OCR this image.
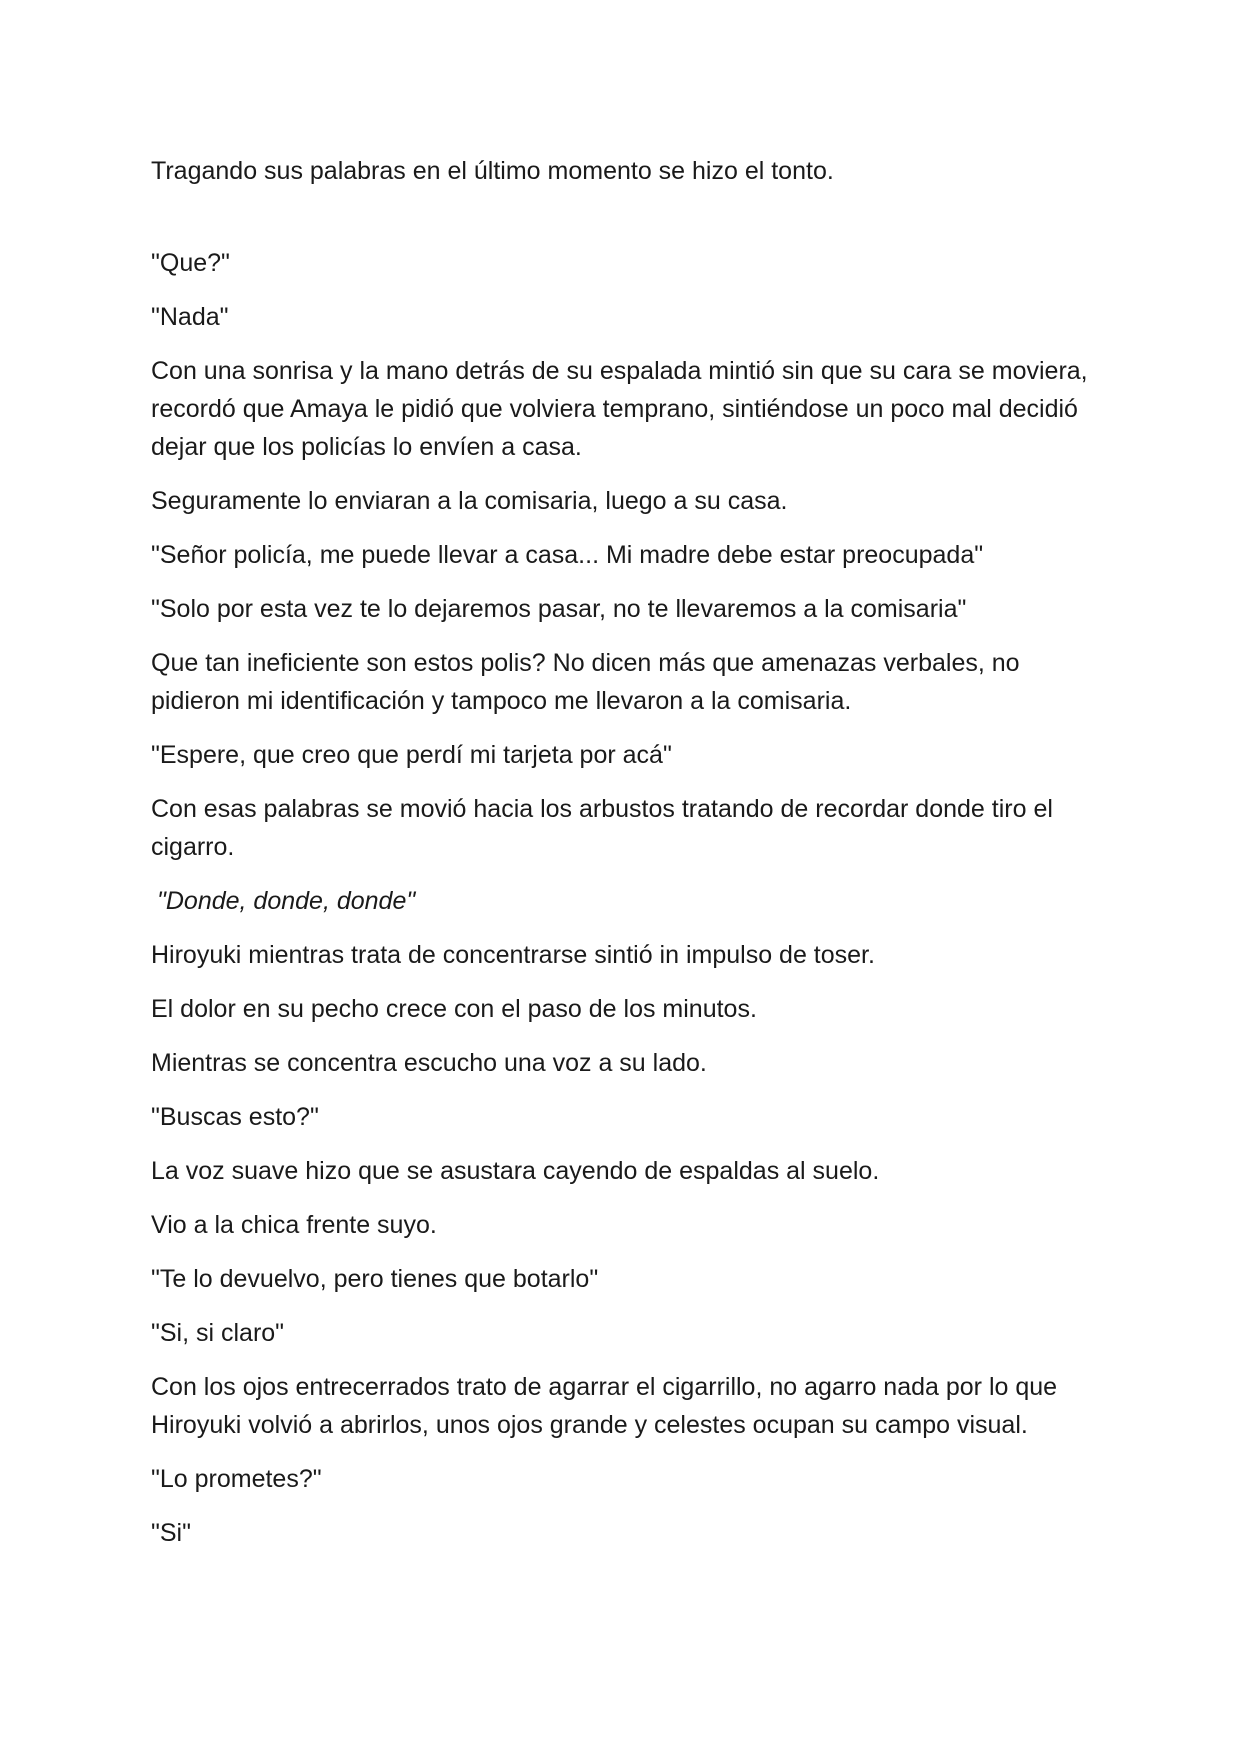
Tragando sus palabras en el último momento se hizo el tonto.

"Que?"

"Nada"

Con una sonrisa y la mano detrás de su espalada mintió sin que su cara se moviera, recordó que Amaya le pidió que volviera temprano, sintiéndose un poco mal decidió dejar que los policías lo envíen a casa.

Seguramente lo enviaran a la comisaria, luego a su casa.

"Señor policía, me puede llevar a casa... Mi madre debe estar preocupada"

"Solo por esta vez te lo dejaremos pasar, no te llevaremos a la comisaria"

Que tan ineficiente son estos polis? No dicen más que amenazas verbales, no pidieron mi identificación y tampoco me llevaron a la comisaria.

"Espere, que creo que perdí mi tarjeta por acá"

Con esas palabras se movió hacia los arbustos tratando de recordar donde tiro el cigarro.

"Donde, donde, donde"

Hiroyuki mientras trata de concentrarse sintió in impulso de toser.

El dolor en su pecho crece con el paso de los minutos.

Mientras se concentra escucho una voz a su lado.

"Buscas esto?"

La voz suave hizo que se asustara cayendo de espaldas al suelo.

Vio a la chica frente suyo.

"Te lo devuelvo, pero tienes que botarlo"

"Si, si claro"

Con los ojos entrecerrados trato de agarrar el cigarrillo, no agarro nada por lo que Hiroyuki volvió a abrirlos, unos ojos grande y celestes ocupan su campo visual.

"Lo prometes?"

"Si"
